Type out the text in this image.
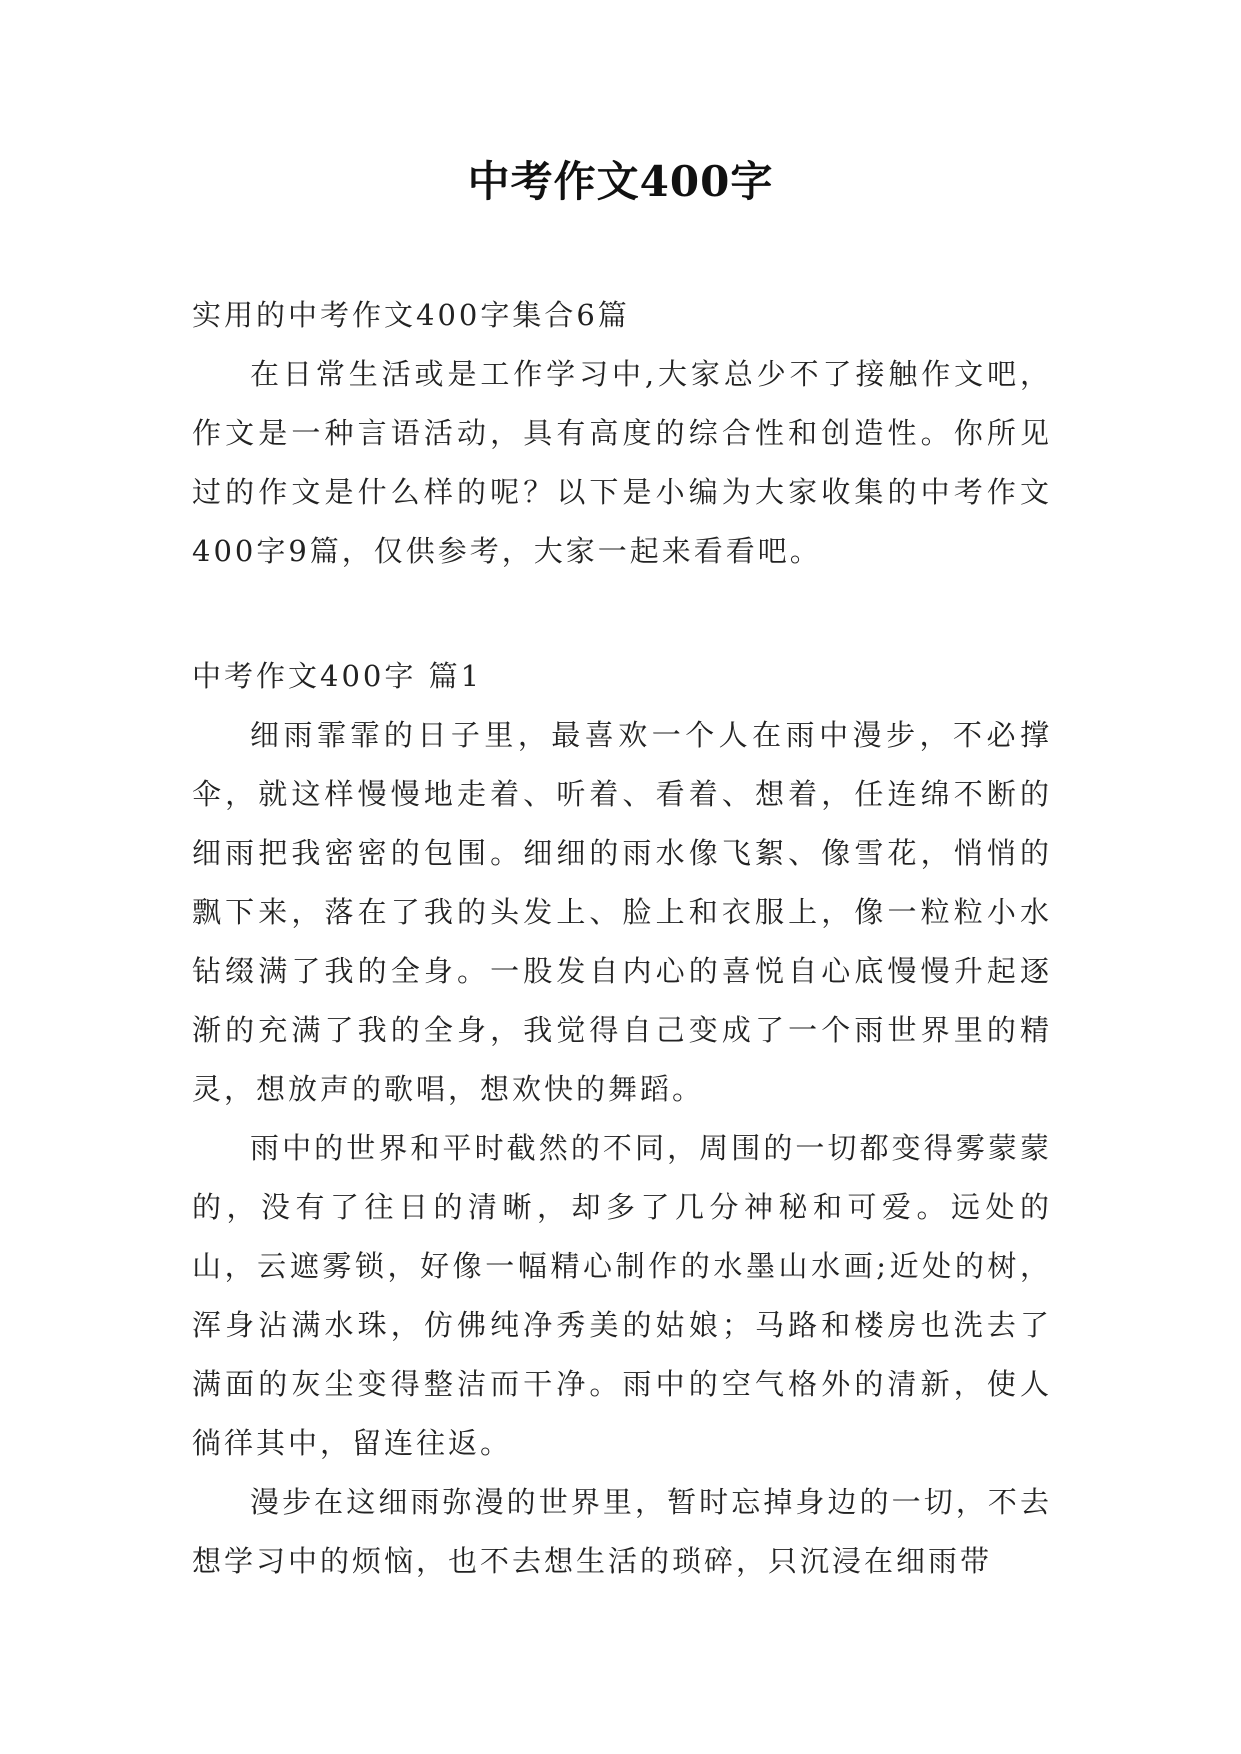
中考作文400字

实用的中考作文400字集合6篇

在日常生活或是工作学习中,大家总少不了接触作文吧，作文是一种言语活动，具有高度的综合性和创造性。你所见过的作文是什么样的呢？以下是小编为大家收集的中考作文400字9篇，仅供参考，大家一起来看看吧。

中考作文400字 篇1

细雨霏霏的日子里，最喜欢一个人在雨中漫步，不必撑伞，就这样慢慢地走着、听着、看着、想着，任连绵不断的细雨把我密密的包围。细细的雨水像飞絮、像雪花，悄悄的飘下来，落在了我的头发上、脸上和衣服上，像一粒粒小水钻缀满了我的全身。一股发自内心的喜悦自心底慢慢升起逐渐的充满了我的全身，我觉得自己变成了一个雨世界里的精灵，想放声的歌唱，想欢快的舞蹈。

雨中的世界和平时截然的不同，周围的一切都变得雾蒙蒙的，没有了往日的清晰，却多了几分神秘和可爱。远处的山，云遮雾锁，好像一幅精心制作的水墨山水画;近处的树，浑身沾满水珠，仿佛纯净秀美的姑娘；马路和楼房也洗去了满面的灰尘变得整洁而干净。雨中的空气格外的清新，使人徜徉其中，留连往返。

漫步在这细雨弥漫的世界里，暂时忘掉身边的一切，不去想学习中的烦恼，也不去想生活的琐碎，只沉浸在细雨带
